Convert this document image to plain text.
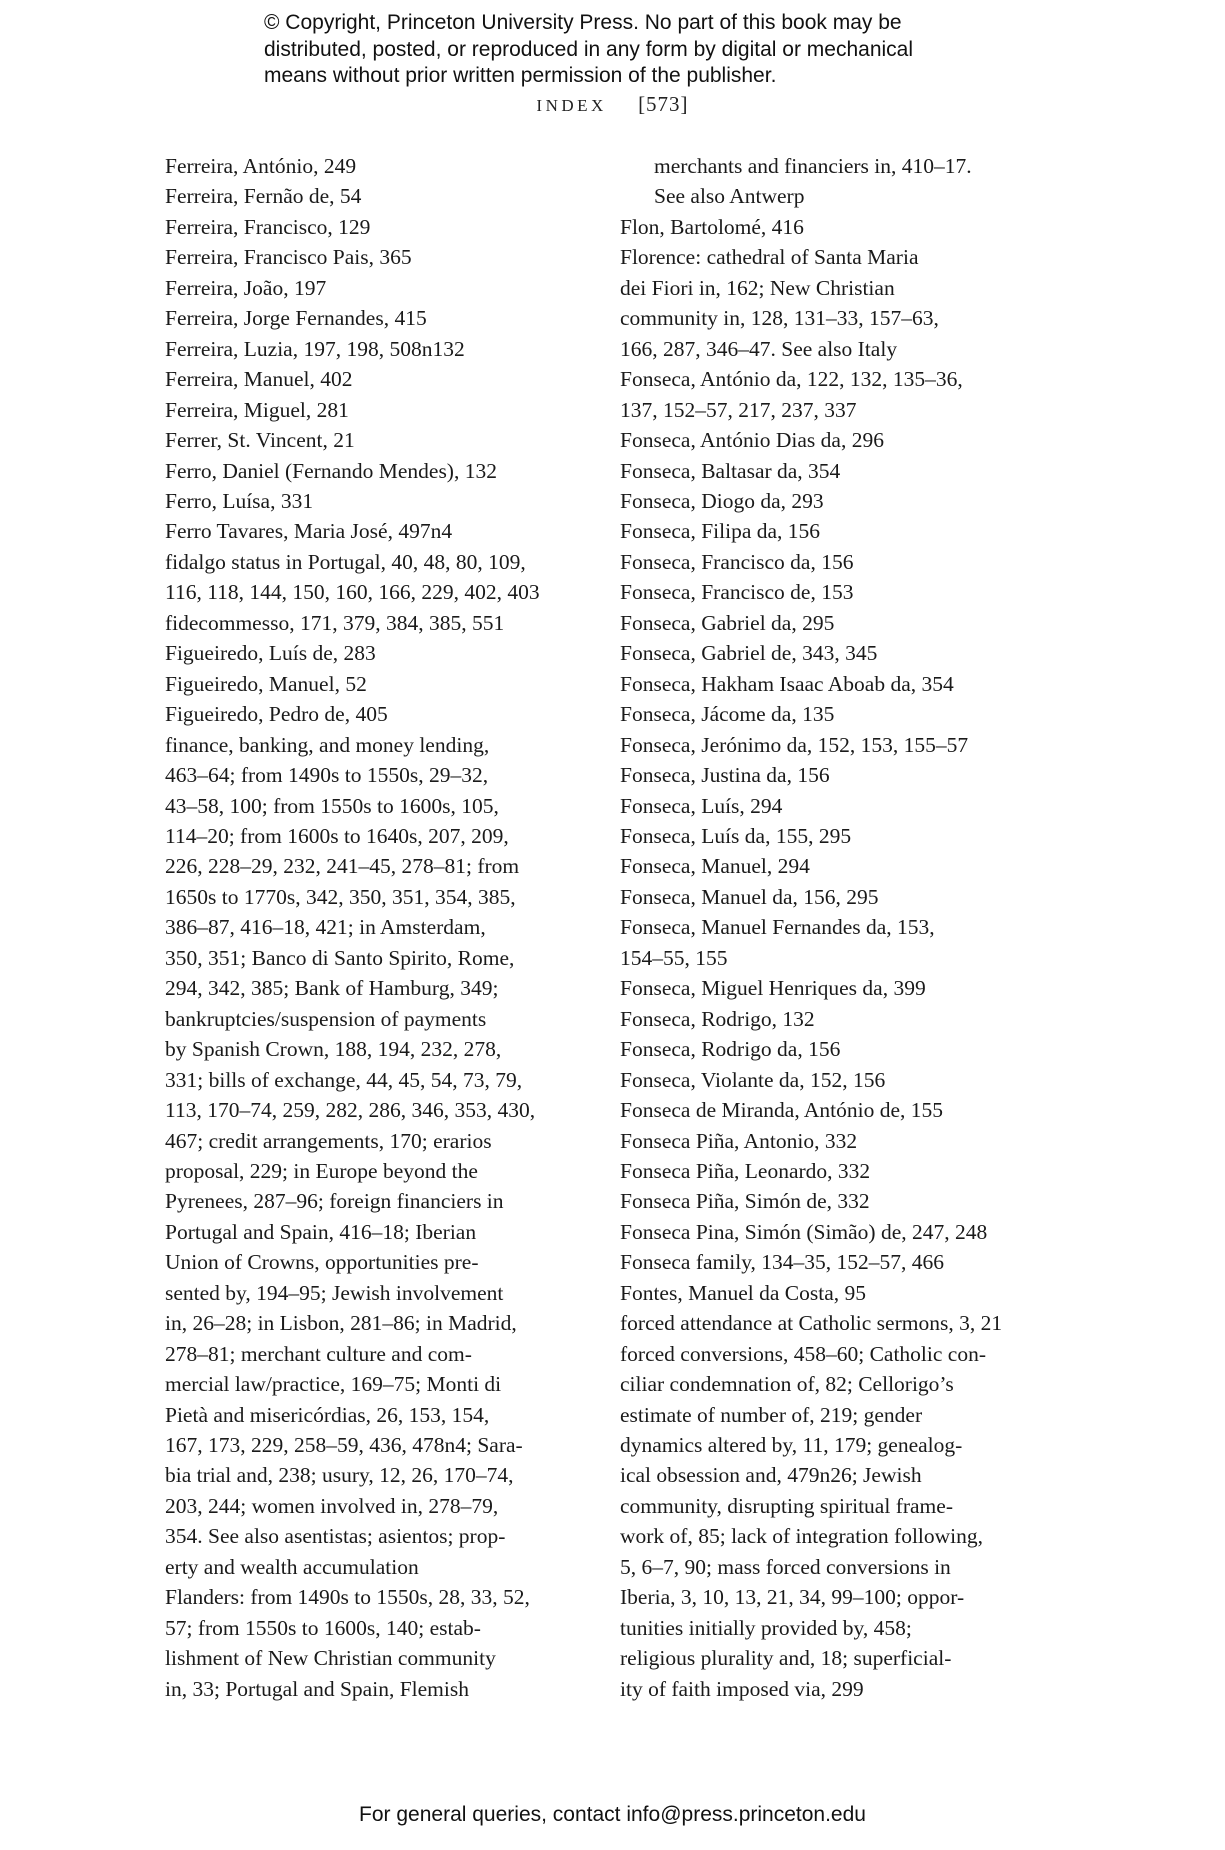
© Copyright, Princeton University Press. No part of this book may be
distributed, posted, or reproduced in any form by digital or mechanical
means without prior written permission of the publisher.
INDEX [573]
Ferreira, António, 249
Ferreira, Fernão de, 54
Ferreira, Francisco, 129
Ferreira, Francisco Pais, 365
Ferreira, João, 197
Ferreira, Jorge Fernandes, 415
Ferreira, Luzia, 197, 198, 508n132
Ferreira, Manuel, 402
Ferreira, Miguel, 281
Ferrer, St. Vincent, 21
Ferro, Daniel (Fernando Mendes), 132
Ferro, Luísa, 331
Ferro Tavares, Maria José, 497n4
fidalgo status in Portugal, 40, 48, 80, 109,
116, 118, 144, 150, 160, 166, 229, 402, 403
fidecommesso, 171, 379, 384, 385, 551
Figueiredo, Luís de, 283
Figueiredo, Manuel, 52
Figueiredo, Pedro de, 405
finance, banking, and money lending,
463–64; from 1490s to 1550s, 29–32,
43–58, 100; from 1550s to 1600s, 105,
114–20; from 1600s to 1640s, 207, 209,
226, 228–29, 232, 241–45, 278–81; from
1650s to 1770s, 342, 350, 351, 354, 385,
386–87, 416–18, 421; in Amsterdam,
350, 351; Banco di Santo Spirito, Rome,
294, 342, 385; Bank of Hamburg, 349;
bankruptcies/suspension of payments
by Spanish Crown, 188, 194, 232, 278,
331; bills of exchange, 44, 45, 54, 73, 79,
113, 170–74, 259, 282, 286, 346, 353, 430,
467; credit arrangements, 170; erarios
proposal, 229; in Europe beyond the
Pyrenees, 287–96; foreign financiers in
Portugal and Spain, 416–18; Iberian
Union of Crowns, opportunities pre-
sented by, 194–95; Jewish involvement
in, 26–28; in Lisbon, 281–86; in Madrid,
278–81; merchant culture and com-
mercial law/practice, 169–75; Monti di
Pietà and misericórdias, 26, 153, 154,
167, 173, 229, 258–59, 436, 478n4; Sara-
bia trial and, 238; usury, 12, 26, 170–74,
203, 244; women involved in, 278–79,
354. See also asentistas; asientos; prop-
erty and wealth accumulation
Flanders: from 1490s to 1550s, 28, 33, 52,
57; from 1550s to 1600s, 140; estab-
lishment of New Christian community
in, 33; Portugal and Spain, Flemish
merchants and financiers in, 410–17.
See also Antwerp
Flon, Bartolomé, 416
Florence: cathedral of Santa Maria
dei Fiori in, 162; New Christian
community in, 128, 131–33, 157–63,
166, 287, 346–47. See also Italy
Fonseca, António da, 122, 132, 135–36,
137, 152–57, 217, 237, 337
Fonseca, António Dias da, 296
Fonseca, Baltasar da, 354
Fonseca, Diogo da, 293
Fonseca, Filipa da, 156
Fonseca, Francisco da, 156
Fonseca, Francisco de, 153
Fonseca, Gabriel da, 295
Fonseca, Gabriel de, 343, 345
Fonseca, Hakham Isaac Aboab da, 354
Fonseca, Jácome da, 135
Fonseca, Jerónimo da, 152, 153, 155–57
Fonseca, Justina da, 156
Fonseca, Luís, 294
Fonseca, Luís da, 155, 295
Fonseca, Manuel, 294
Fonseca, Manuel da, 156, 295
Fonseca, Manuel Fernandes da, 153,
154–55, 155
Fonseca, Miguel Henriques da, 399
Fonseca, Rodrigo, 132
Fonseca, Rodrigo da, 156
Fonseca, Violante da, 152, 156
Fonseca de Miranda, António de, 155
Fonseca Piña, Antonio, 332
Fonseca Piña, Leonardo, 332
Fonseca Piña, Simón de, 332
Fonseca Pina, Simón (Simão) de, 247, 248
Fonseca family, 134–35, 152–57, 466
Fontes, Manuel da Costa, 95
forced attendance at Catholic sermons, 3, 21
forced conversions, 458–60; Catholic con-
ciliar condemnation of, 82; Cellorigo’s
estimate of number of, 219; gender
dynamics altered by, 11, 179; genealog-
ical obsession and, 479n26; Jewish
community, disrupting spiritual frame-
work of, 85; lack of integration following,
5, 6–7, 90; mass forced conversions in
Iberia, 3, 10, 13, 21, 34, 99–100; oppor-
tunities initially provided by, 458;
religious plurality and, 18; superficial-
ity of faith imposed via, 299
For general queries, contact info@press.princeton.edu
